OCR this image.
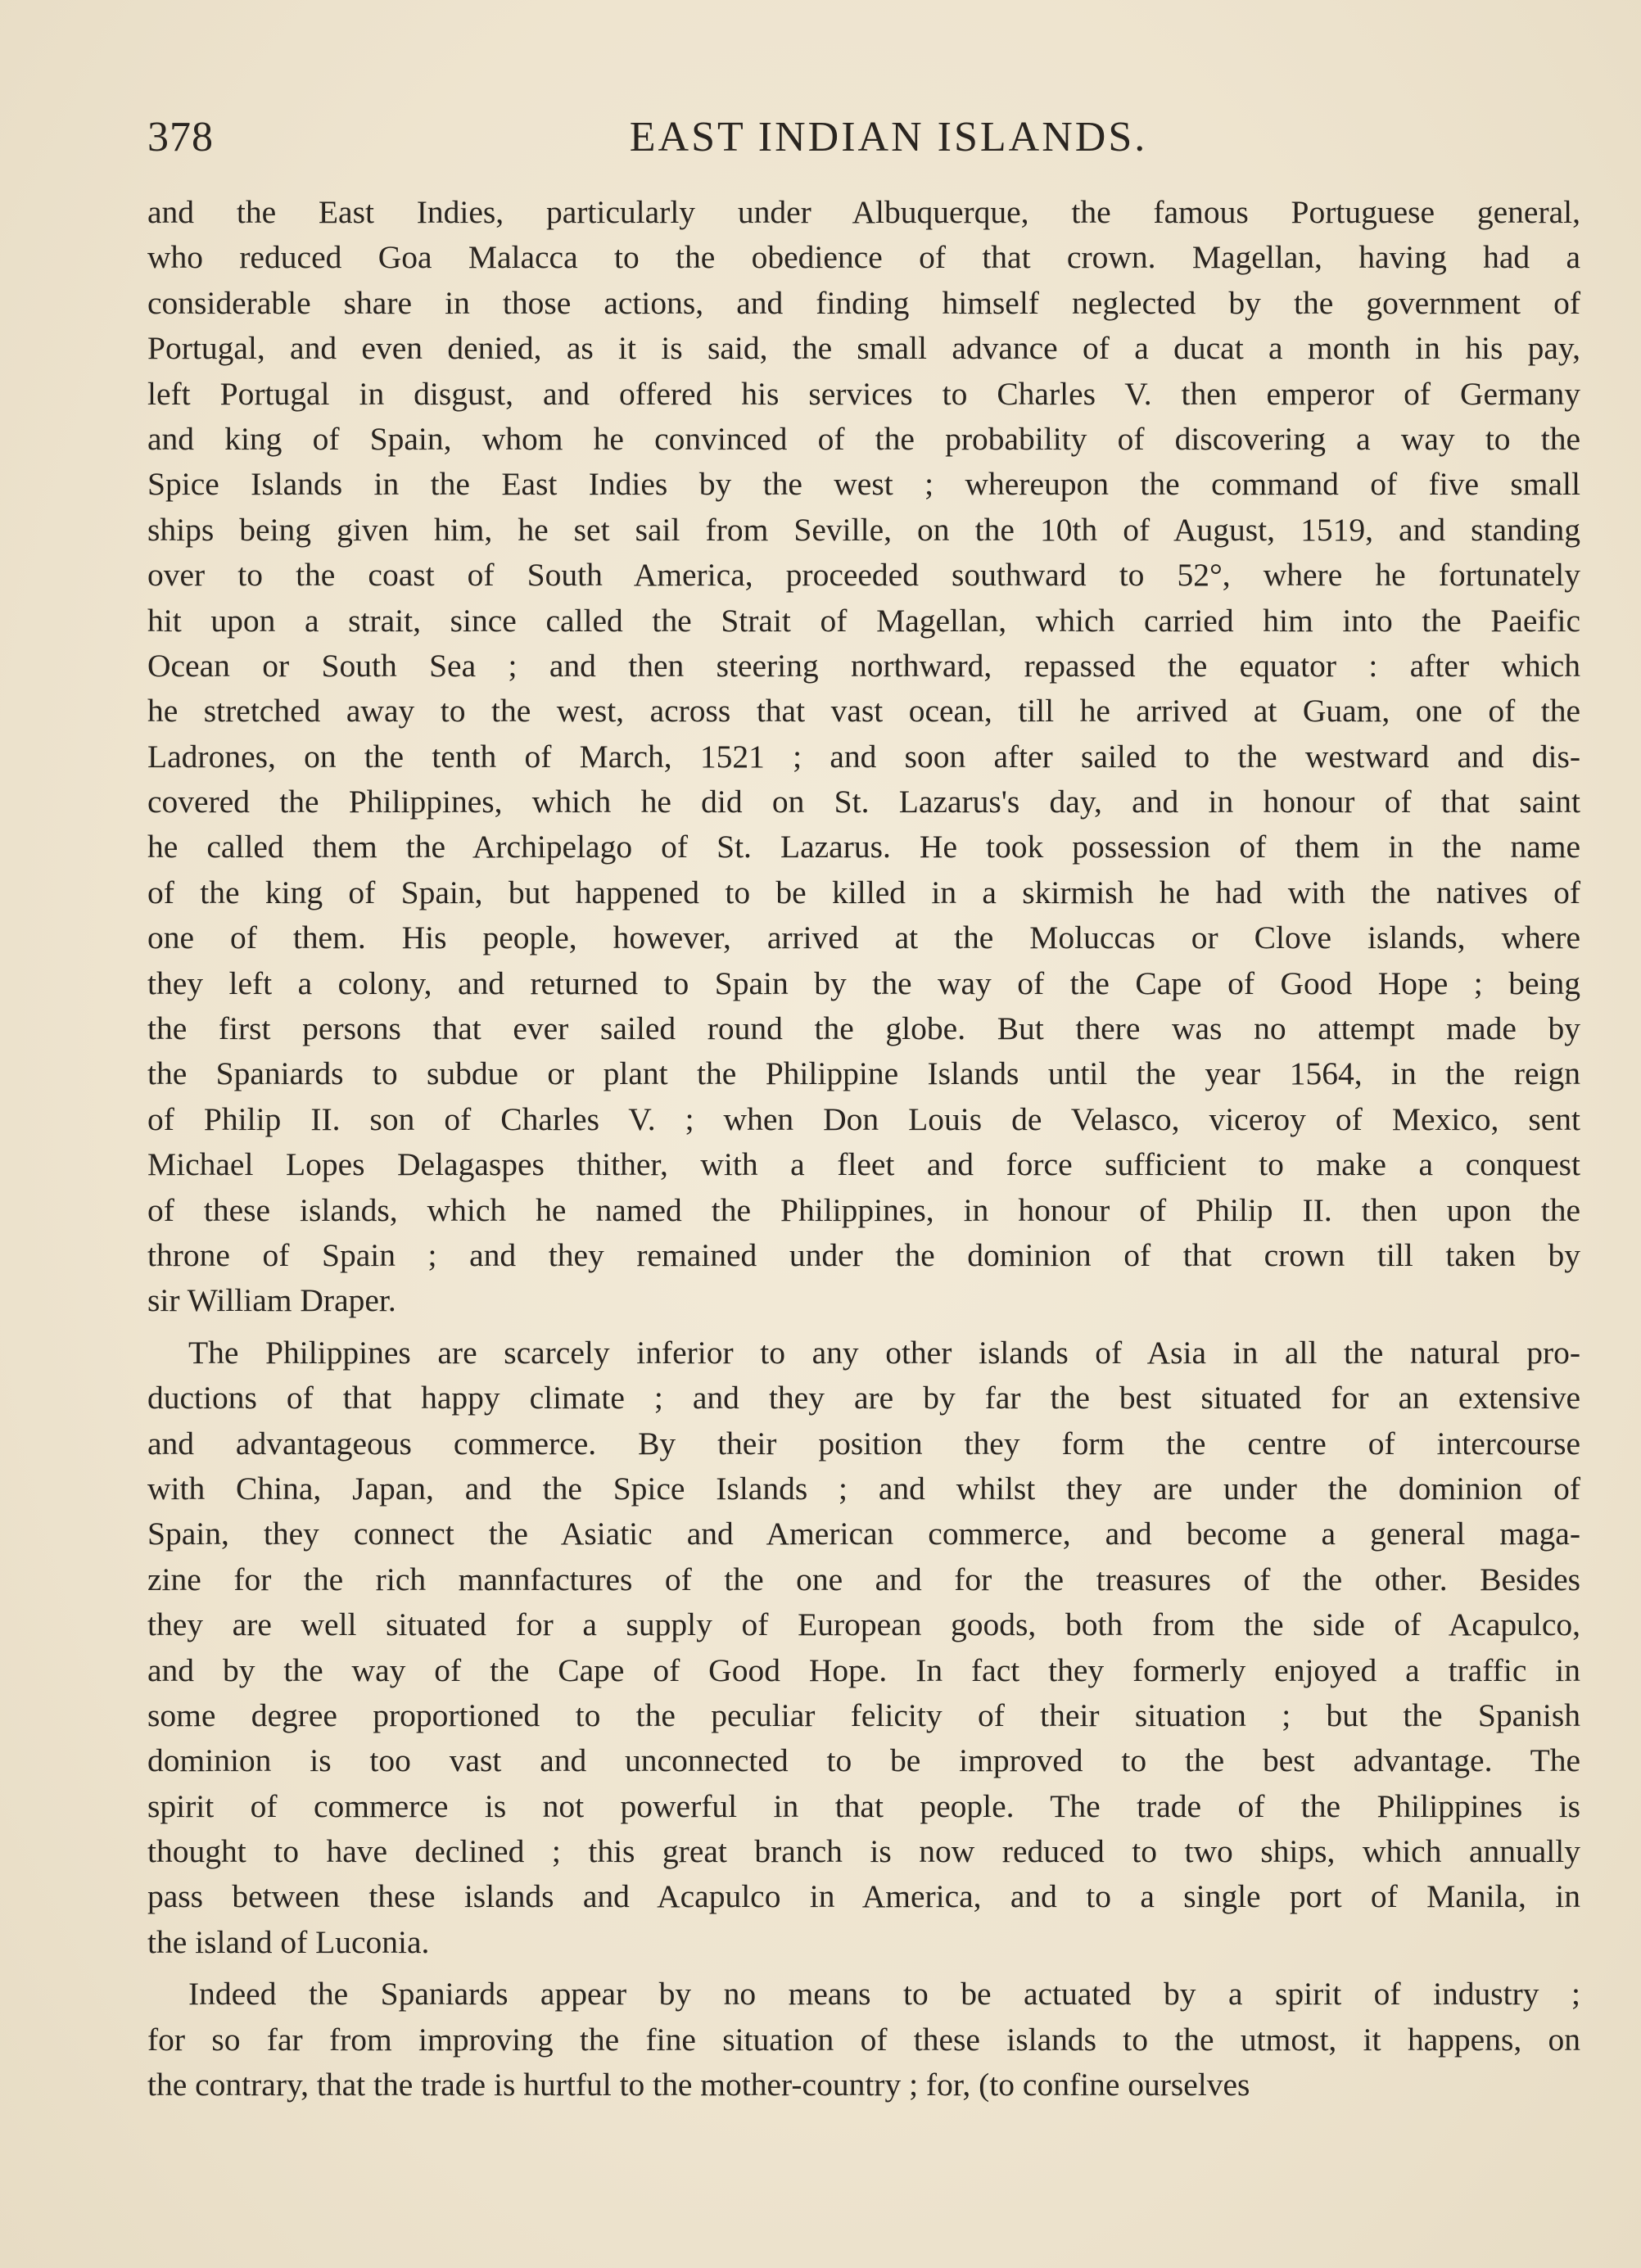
378	EAST INDIAN ISLANDS.
and the East Indies, particularly under Albuquerque, the famous Portuguese general,
who reduced Goa Malacca to the obedience of that crown. Magellan, having had a
considerable share in those actions, and finding himself neglected by the government of
Portugal, and even denied, as it is said, the small advance of a ducat a month in his pay,
left Portugal in disgust, and offered his services to Charles V. then emperor of Germany
and king of Spain, whom he convinced of the probability of discovering a way to the
Spice Islands in the East Indies by the west ; whereupon the command of five small
ships being given him, he set sail from Seville, on the 10th of August, 1519, and standing
over to the coast of South America, proceeded southward to 52°, where he fortunately
hit upon a strait, since called the Strait of Magellan, which carried him into the Paeific
Ocean or South Sea ; and then steering northward, repassed the equator : after which
he stretched away to the west, across that vast ocean, till he arrived at Guam, one of the
Ladrones, on the tenth of March, 1521 ; and soon after sailed to the westward and dis-
covered the Philippines, which he did on St. Lazarus's day, and in honour of that saint
he called them the Archipelago of St. Lazarus. He took possession of them in the name
of the king of Spain, but happened to be killed in a skirmish he had with the natives of
one of them. His people, however, arrived at the Moluccas or Clove islands, where
they left a colony, and returned to Spain by the way of the Cape of Good Hope ; being
the first persons that ever sailed round the globe. But there was no attempt made by
the Spaniards to subdue or plant the Philippine Islands until the year 1564, in the reign
of Philip II. son of Charles V. ; when Don Louis de Velasco, viceroy of Mexico, sent
Michael Lopes Delagaspes thither, with a fleet and force sufficient to make a conquest
of these islands, which he named the Philippines, in honour of Philip II. then upon the
throne of Spain ; and they remained under the dominion of that crown till taken by
sir William Draper.
The Philippines are scarcely inferior to any other islands of Asia in all the natural pro-
ductions of that happy climate ; and they are by far the best situated for an extensive
and advantageous commerce. By their position they form the centre of intercourse
with China, Japan, and the Spice Islands ; and whilst they are under the dominion of
Spain, they connect the Asiatic and American commerce, and become a general maga-
zine for the rich mannfactures of the one and for the treasures of the other. Besides
they are well situated for a supply of European goods, both from the side of Acapulco,
and by the way of the Cape of Good Hope. In fact they formerly enjoyed a traffic in
some degree proportioned to the peculiar felicity of their situation ; but the Spanish
dominion is too vast and unconnected to be improved to the best advantage. The
spirit of commerce is not powerful in that people. The trade of the Philippines is
thought to have declined ; this great branch is now reduced to two ships, which annually
pass between these islands and Acapulco in America, and to a single port of Manila, in
the island of Luconia.
Indeed the Spaniards appear by no means to be actuated by a spirit of industry ;
for so far from improving the fine situation of these islands to the utmost, it happens, on
the contrary, that the trade is hurtful to the mother-country ; for, (to confine ourselves
